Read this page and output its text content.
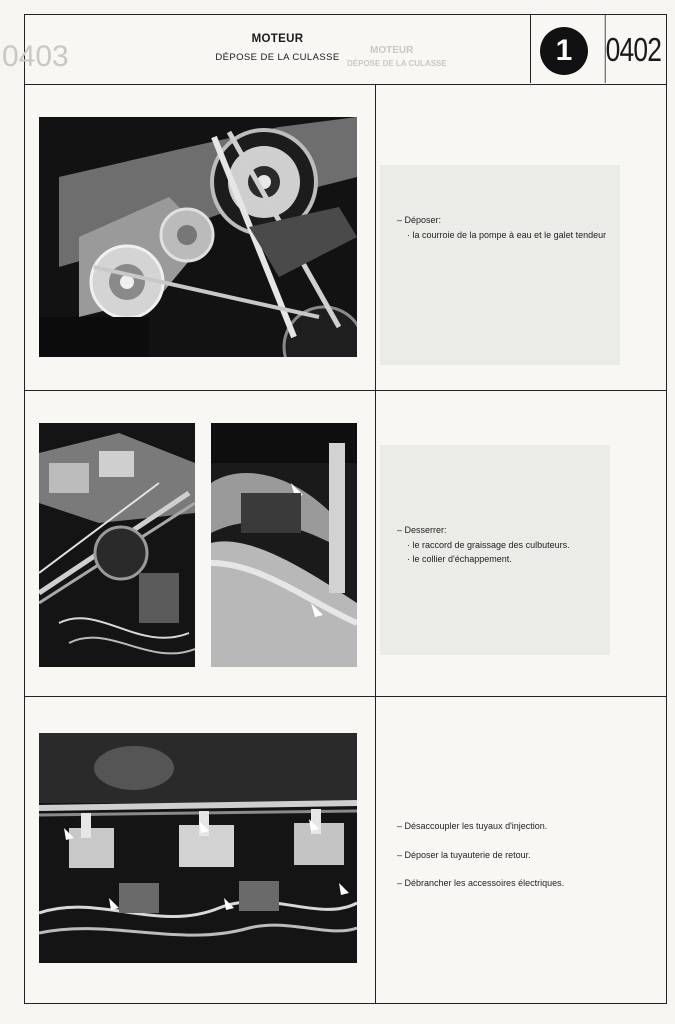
MOTEUR
DÉPOSE DE LA CULASSE
MOTEUR
DÉPOSE DE LA CULASSE	1	0402
– Déposer:
· la courroie de la pompe à eau et le galet tendeur
– Desserrer:
· le raccord de graissage des culbuteurs.
· le collier d'échappement.
– Désaccoupler les tuyaux d'injection.
– Déposer la tuyauterie de retour.
– Débrancher les accessoires électriques.
0403
